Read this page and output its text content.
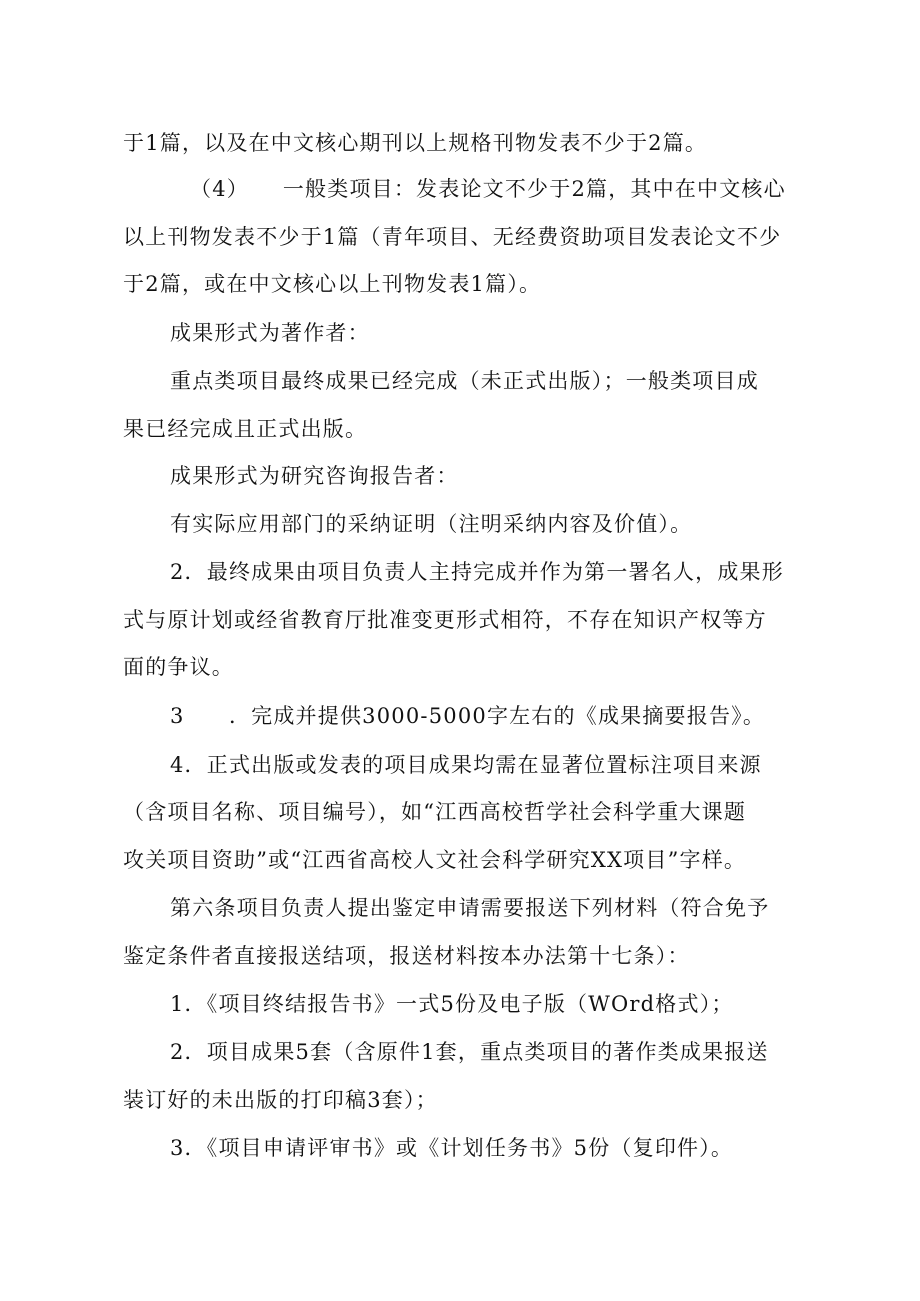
于1篇，以及在中文核心期刊以上规格刊物发表不少于2篇。
（4）　　一般类项目：发表论文不少于2篇，其中在中文核心
以上刊物发表不少于1篇（青年项目、无经费资助项目发表论文不少
于2篇，或在中文核心以上刊物发表1篇）。
成果形式为著作者：
重点类项目最终成果已经完成（未正式出版）；一般类项目成
果已经完成且正式出版。
成果形式为研究咨询报告者：
有实际应用部门的采纳证明（注明采纳内容及价值）。
2．最终成果由项目负责人主持完成并作为第一署名人，成果形
式与原计划或经省教育厅批准变更形式相符，不存在知识产权等方
面的争议。
3　　．完成并提供3000-5000字左右的《成果摘要报告》。
4．正式出版或发表的项目成果均需在显著位置标注项目来源
（含项目名称、项目编号），如“江西高校哲学社会科学重大课题
攻关项目资助”或“江西省高校人文社会科学研究XX项目”字样。
第六条项目负责人提出鉴定申请需要报送下列材料（符合免予
鉴定条件者直接报送结项，报送材料按本办法第十七条）：
1．《项目终结报告书》一式5份及电子版（WOrd格式）；
2．项目成果5套（含原件1套，重点类项目的著作类成果报送
装订好的未出版的打印稿3套）；
3．《项目申请评审书》或《计划任务书》5份（复印件）。
